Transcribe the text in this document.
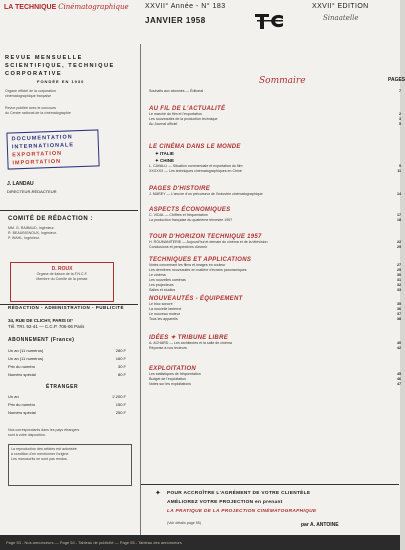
LA TECHNIQUE Cinématographique XXVII° Année - N° 183	XXVII° EDITION
JANVIER 1958	Sinaatelle
REVUE MENSUELLE
SCIENTIFIQUE, TECHNIQUE
CORPORATIVE
FONDÉE EN 1930
Organe officiel de la corporation
cinématographique française
Revue publiée avec le concours
du Centre national de la cinématographie
DOCUMENTATION
INTERNATIONALE
EXPORTATION
IMPORTATION
J. LANDAU
DIRECTEUR-RÉDACTEUR
COMITÉ DE RÉDACTION :
MM. G. RAIBAUD, Ingénieur.
R. BEAUBIGNOUX, Ingénieur.
P. WAHL, Ingénieur.
D. ROUX
Organe de liaison de la F.N.C.F.
Membre du Comité de la presse
RÉDACTION - ADMINISTRATION - PUBLICITÉ
34, RUE DE CLICHY, PARIS IX°
Tél. TRI. 92-41 — C.C.P. 706-06 Paris
ABONNEMENT (France)
Un an (11 numéros)	280 F
Un an (11 numéros)	160 F
Prix du numéro	30 F
Numéro spécial	80 F
ÉTRANGER
Un an	2.200 F
Prix du numéro	150 F
Numéro spécial	250 F
Nos correspondants dans les pays étrangers
sont à votre disposition.
La reproduction des articles est autorisée
à condition d'en mentionner l'origine.
Les manuscrits ne sont pas rendus.
Sommaire	PAGES
Souhaits aux abonnés — Éditorial	7
AU FIL DE L'ACTUALITÉ
Le marché du film et l'exportation	2
Les nouveautés de la production technique	3
Au Journal officiel	5
LE CINÉMA DANS LE MONDE
✦ ITALIE
✦ CHINE
L. CAVALLI — Situation commerciale et exportation du film	9
XXXXXX — Les techniques cinématographiques en Chine	11
PAGES D'HISTOIRE
J. MAREY — L'œuvre d'un précurseur de l'industrie cinématographique	14
ASPECTS ÉCONOMIQUES
C. VIDAL — Chiffres et fréquentation	17
La production française du quatrième trimestre 1957	18
TOUR D'HORIZON TECHNIQUE 1957
H. ROUMANITERIE — Aujourd'hui et demain du cinéma et de la télévision	22
Conclusions et perspectives d'avenir	25
TECHNIQUES ET APPLICATIONS
Notes concernant les films et images en couleur	27
Les dernières nouveautés en matière d'écrans panoramiques	29
Le cinéma	30
Les nouvelles caméras	31
Les projecteurs	32
Salles et studios	33
NOUVEAUTÉS - ÉQUIPEMENT
Le bloc sonore	35
La nouvelle lanterne	36
Le nouveau moteur	37
Tous les appareils	38
IDÉES ✦ TRIBUNE LIBRE
A. ACHARD — Les architectes et la salle de cinéma	40
Réponse à nos lecteurs	42
EXPLOITATION
Les statistiques de fréquentation	45
Budget de l'exploitation	46
Notes sur les exploitations	47
✦ POUR ACCROÎTRE L'AGRÉMENT DE VOTRE CLIENTÈLE
AMÉLIOREZ VOTRE PROJECTION en prenant
LA PRATIQUE DE LA PROJECTION CINÉMATOGRAPHIQUE
(Voir détails page 55)	par A. ANTOINE
Page 53 - Nos annonceurs — Page 54 - Tableau de publicité — Page 55 - Tableau des annonceurs
